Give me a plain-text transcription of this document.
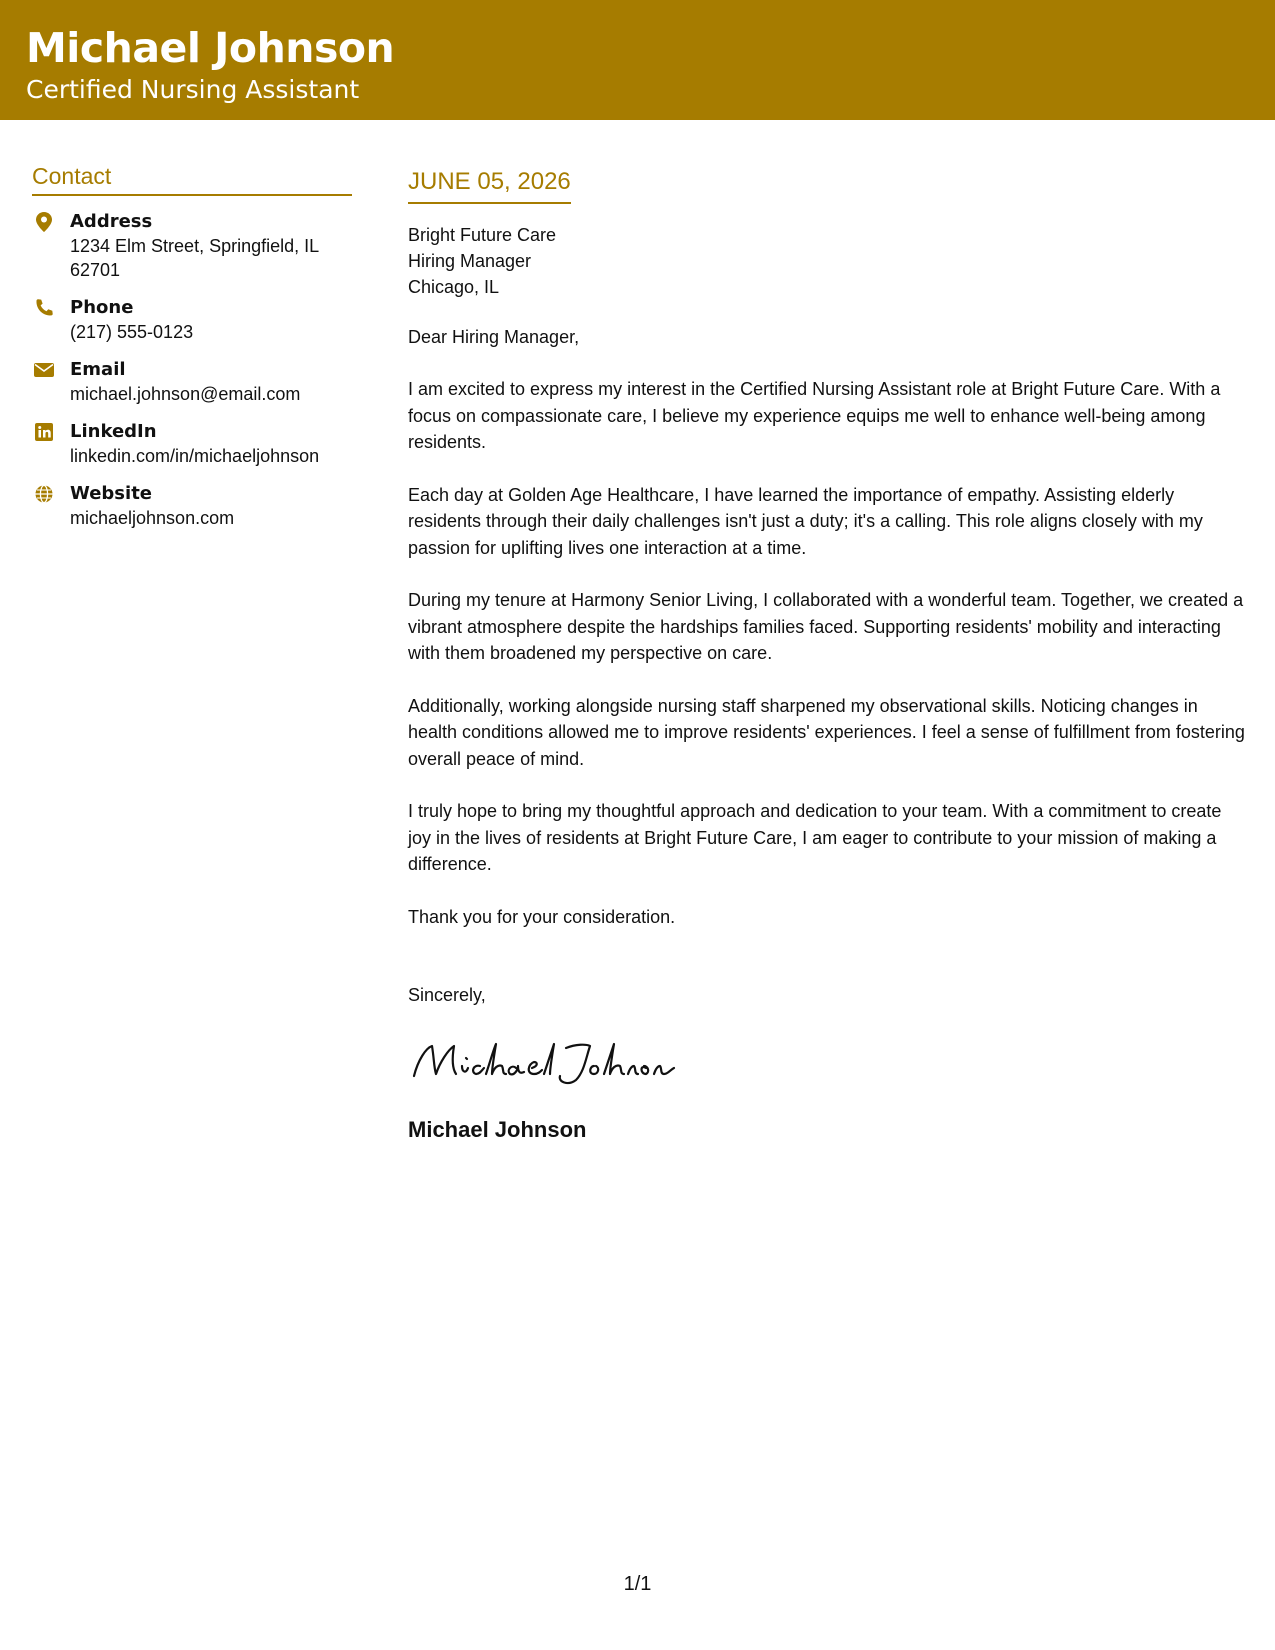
Michael Johnson
Certified Nursing Assistant
Contact
Address
1234 Elm Street, Springfield, IL 62701
Phone
(217) 555-0123
Email
michael.johnson@email.com
LinkedIn
linkedin.com/in/michaeljohnson
Website
michaeljohnson.com
JUNE 05, 2026
Bright Future Care
Hiring Manager
Chicago, IL
Dear Hiring Manager,
I am excited to express my interest in the Certified Nursing Assistant role at Bright Future Care. With a focus on compassionate care, I believe my experience equips me well to enhance well-being among residents.
Each day at Golden Age Healthcare, I have learned the importance of empathy. Assisting elderly residents through their daily challenges isn't just a duty; it's a calling. This role aligns closely with my passion for uplifting lives one interaction at a time.
During my tenure at Harmony Senior Living, I collaborated with a wonderful team. Together, we created a vibrant atmosphere despite the hardships families faced. Supporting residents' mobility and interacting with them broadened my perspective on care.
Additionally, working alongside nursing staff sharpened my observational skills. Noticing changes in health conditions allowed me to improve residents' experiences. I feel a sense of fulfillment from fostering overall peace of mind.
I truly hope to bring my thoughtful approach and dedication to your team. With a commitment to create joy in the lives of residents at Bright Future Care, I am eager to contribute to your mission of making a difference.
Thank you for your consideration.
Sincerely,
Michael Johnson
1/1
